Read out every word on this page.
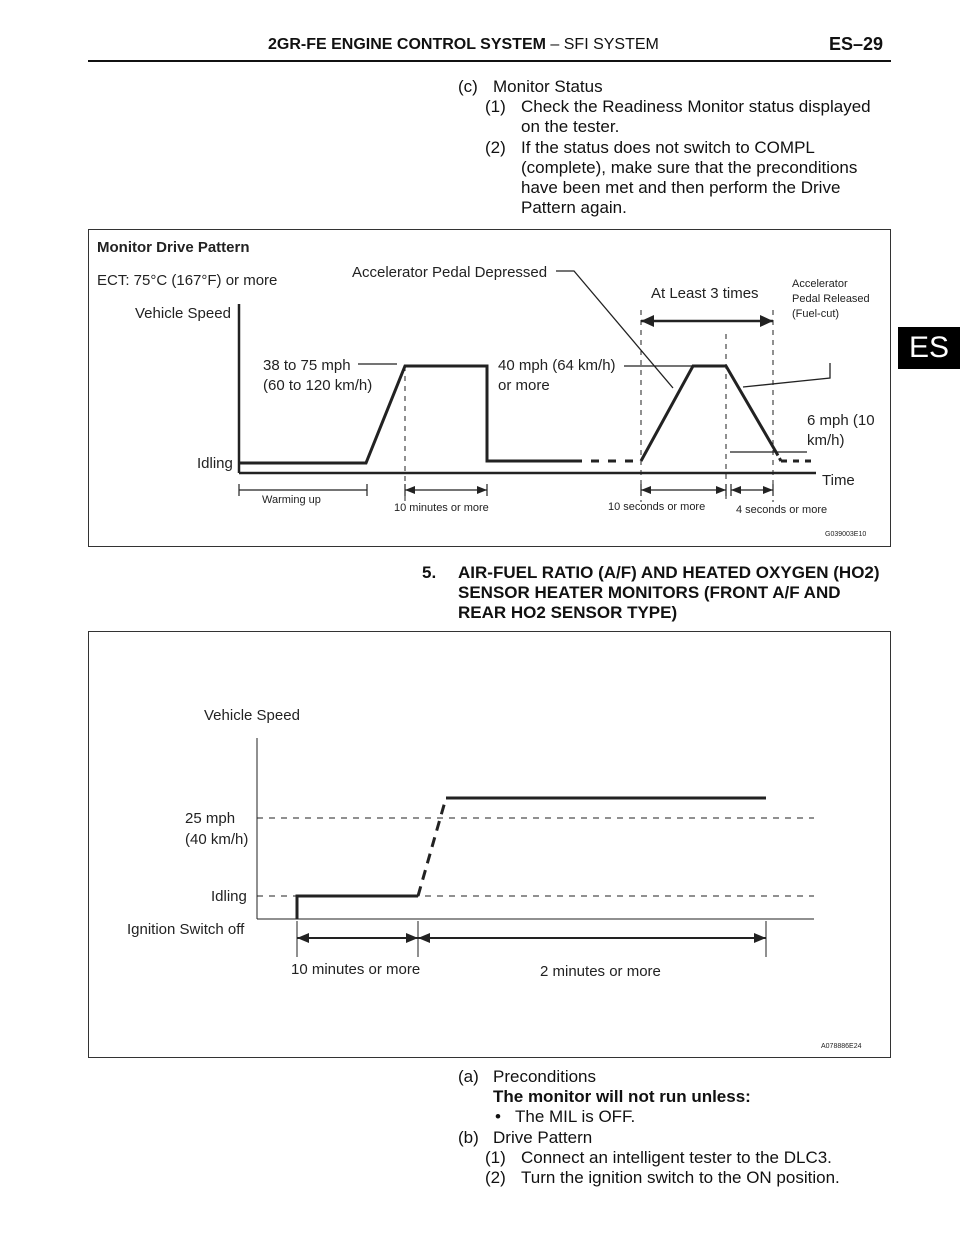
2GR-FE ENGINE CONTROL SYSTEM – SFI SYSTEM	ES–29
ES
(c) Monitor Status
(1) Check the Readiness Monitor status displayed
on the tester.
(2) If the status does not switch to COMPL
(complete), make sure that the preconditions
have been met and then perform the Drive
Pattern again.
Monitor Drive Pattern
ECT: 75°C (167°F) or more
Vehicle Speed
Idling
38 to 75 mph
(60 to 120 km/h)
Accelerator Pedal Depressed
40 mph (64 km/h)
or more
At Least 3 times
Accelerator
Pedal Released
(Fuel-cut)
6 mph (10
km/h)
Time
Warming up
10 minutes or more	10 seconds or more	4 seconds or more
G039003E10
5. AIR-FUEL RATIO (A/F) AND HEATED OXYGEN (HO2)
SENSOR HEATER MONITORS (FRONT A/F AND
REAR HO2 SENSOR TYPE)
Vehicle Speed
25 mph
(40 km/h)
Idling
Ignition Switch off
10 minutes or more	2 minutes or more
A078886E24
(a) Preconditions
The monitor will not run unless:
• The MIL is OFF.
(b) Drive Pattern
(1) Connect an intelligent tester to the DLC3.
(2) Turn the ignition switch to the ON position.
